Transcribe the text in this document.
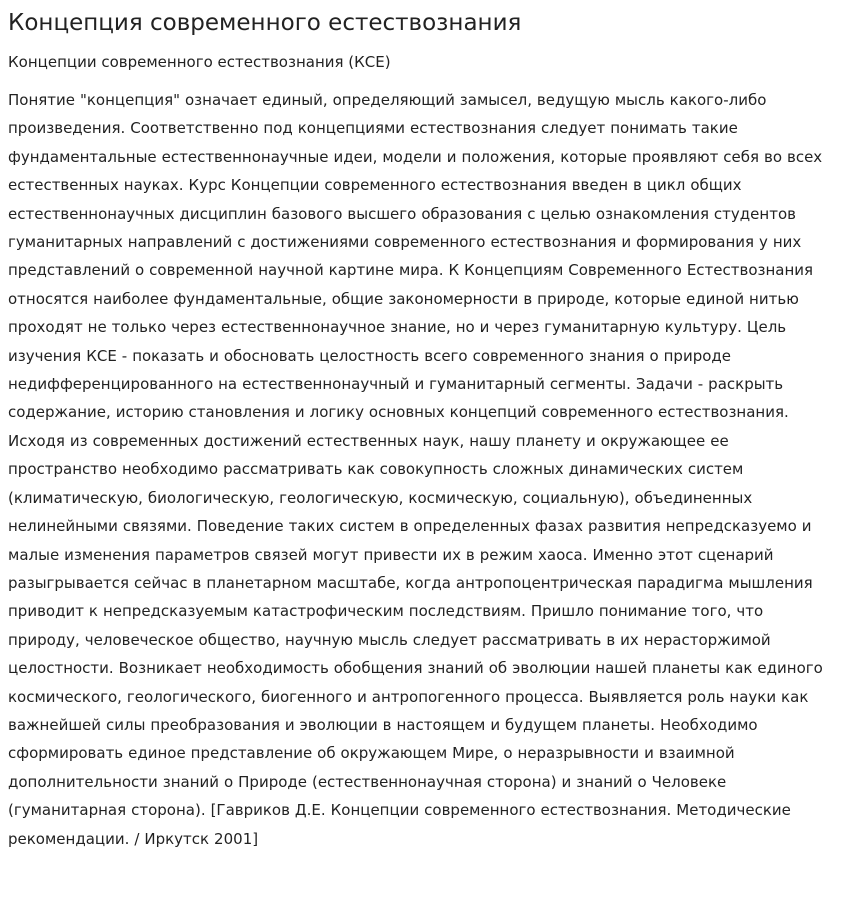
Концепция современного естествознания

Концепции современного естествознания (КСЕ)

Понятие "концепция" означает единый, определяющий замысел, ведущую мысль какого-либо произведения. Соответственно под концепциями естествознания следует понимать такие фундаментальные естественнонаучные идеи, модели и положения, которые проявляют себя во всех естественных науках. Курс Концепции современного естествознания введен в цикл общих естественнонаучных дисциплин базового высшего образования с целью ознакомления студентов гуманитарных направлений с достижениями современного естествознания и формирования у них представлений о современной научной картине мира. К Концепциям Современного Естествознания относятся наиболее фундаментальные, общие закономерности в природе, которые единой нитью проходят не только через естественнонаучное знание, но и через гуманитарную культуру. Цель изучения КСЕ - показать и обосновать целостность всего современного знания о природе недифференцированного на естественнонаучный и гуманитарный сегменты. Задачи - раскрыть содержание, историю становления и логику основных концепций современного естествознания. Исходя из современных достижений естественных наук, нашу планету и окружающее ее пространство необходимо рассматривать как совокупность сложных динамических систем (климатическую, биологическую, геологическую, космическую, социальную), объединенных нелинейными связями. Поведение таких систем в определенных фазах развития непредсказуемо и малые изменения параметров связей могут привести их в режим хаоса. Именно этот сценарий разыгрывается сейчас в планетарном масштабе, когда антропоцентрическая парадигма мышления приводит к непредсказуемым катастрофическим последствиям. Пришло понимание того, что природу, человеческое общество, научную мысль следует рассматривать в их нерасторжимой целостности. Возникает необходимость обобщения знаний об эволюции нашей планеты как единого космического, геологического, биогенного и антропогенного процесса. Выявляется роль науки как важнейшей силы преобразования и эволюции в настоящем и будущем планеты. Необходимо сформировать единое представление об окружающем Мире, о неразрывности и взаимной дополнительности знаний о Природе (естественнонаучная сторона) и знаний о Человеке (гуманитарная сторона). [Гавриков Д.Е. Концепции современного естествознания. Методические рекомендации. / Иркутск 2001]
